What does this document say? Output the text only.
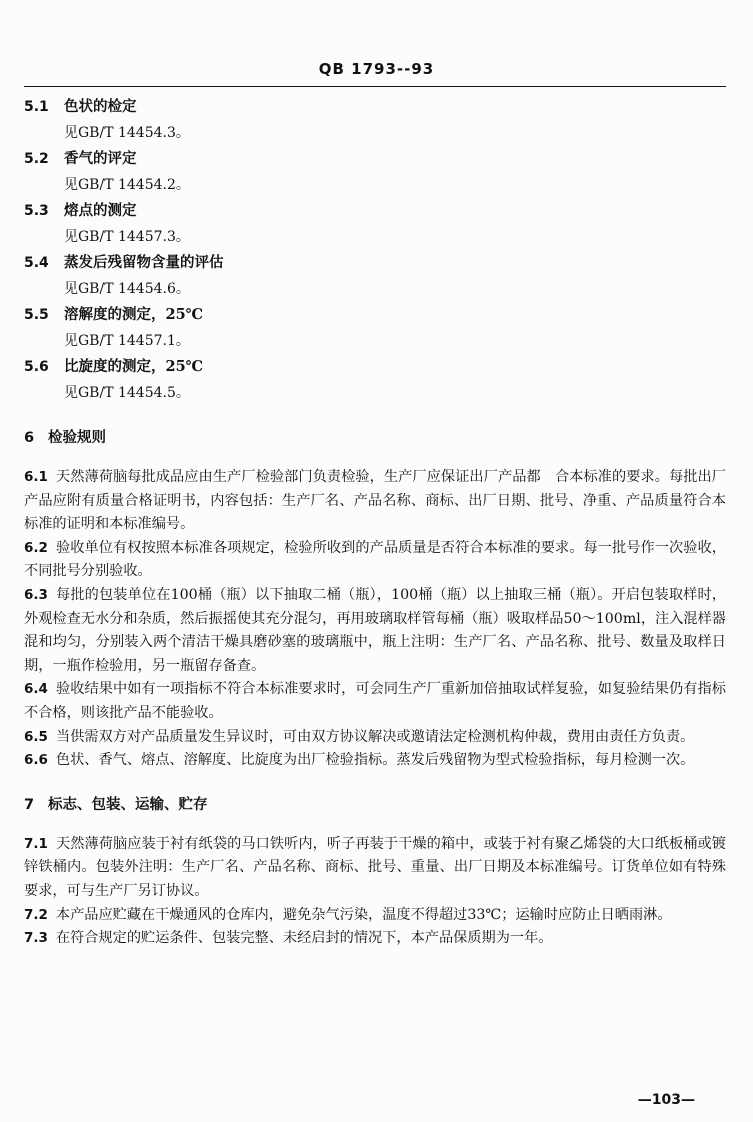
QB 1793--93
5.1 色状的检定
见GB/T 14454.3。
5.2 香气的评定
见GB/T 14454.2。
5.3 熔点的测定
见GB/T 14457.3。
5.4 蒸发后残留物含量的评估
见GB/T 14454.6。
5.5 溶解度的测定，25℃
见GB/T 14457.1。
5.6 比旋度的测定，25℃
见GB/T 14454.5。
6 检验规则

6.1 天然薄荷脑每批成品应由生产厂检验部门负责检验，生产厂应保证出厂产品都　合本标准的要求。每批出厂产品应附有质量合格证明书，内容包括：生产厂名、产品名称、商标、出厂日期、批号、净重、产品质量符合本标准的证明和本标准编号。

6.2 验收单位有权按照本标准各项规定，检验所收到的产品质量是否符合本标准的要求。每一批号作一次验收，不同批号分别验收。

6.3 每批的包装单位在100桶（瓶）以下抽取二桶（瓶），100桶（瓶）以上抽取三桶（瓶）。开启包装取样时，外观检查无水分和杂质，然后振摇使其充分混匀，再用玻璃取样管每桶（瓶）吸取样品50～100ml，注入混样器混和均匀，分别装入两个清洁干燥具磨砂塞的玻璃瓶中，瓶上注明：生产厂名、产品名称、批号、数量及取样日期，一瓶作检验用，另一瓶留存备查。

6.4 验收结果中如有一项指标不符合本标准要求时，可会同生产厂重新加倍抽取试样复验，如复验结果仍有指标不合格，则该批产品不能验收。

6.5 当供需双方对产品质量发生异议时，可由双方协议解决或邀请法定检测机构仲裁，费用由责任方负责。

6.6 色状、香气、熔点、溶解度、比旋度为出厂检验指标。蒸发后残留物为型式检验指标，每月检测一次。

7 标志、包装、运输、贮存

7.1 天然薄荷脑应装于衬有纸袋的马口铁听内，听子再装于干燥的箱中，或装于衬有聚乙烯袋的大口纸板桶或镀锌铁桶内。包装外注明：生产厂名、产品名称、商标、批号、重量、出厂日期及本标准编号。订货单位如有特殊要求，可与生产厂另订协议。

7.2 本产品应贮藏在干燥通风的仓库内，避免杂气污染，温度不得超过33℃；运输时应防止日晒雨淋。

7.3 在符合规定的贮运条件、包装完整、未经启封的情况下，本产品保质期为一年。

—103—
